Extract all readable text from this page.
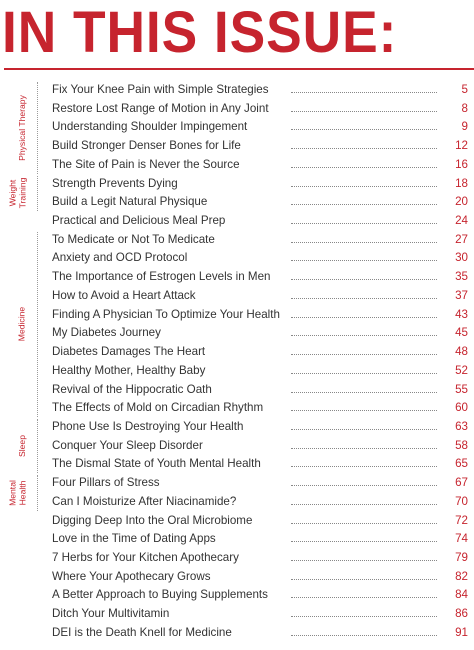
IN THIS ISSUE:
Fix Your Knee Pain with Simple Strategies	5
Restore Lost Range of Motion in Any Joint	8
Understanding Shoulder Impingement	9
Build Stronger Denser Bones for Life	12
The Site of Pain is Never the Source	16
Strength Prevents Dying	18
Build a Legit Natural Physique	20
Practical and Delicious Meal Prep	24
To Medicate or Not To Medicate	27
Anxiety and OCD Protocol	30
The Importance of Estrogen Levels in Men	35
How to Avoid a Heart Attack	37
Finding A Physician To Optimize Your Health	43
My Diabetes Journey	45
Diabetes Damages The Heart	48
Healthy Mother, Healthy Baby	52
Revival of the Hippocratic Oath	55
The Effects of Mold on Circadian Rhythm	60
Phone Use Is Destroying Your Health	63
Conquer Your Sleep Disorder	58
The Dismal State of Youth Mental Health	65
Four Pillars of Stress	67
Can I Moisturize After Niacinamide?	70
Digging Deep Into the Oral Microbiome	72
Love in the Time of Dating Apps	74
7 Herbs for Your Kitchen Apothecary	79
Where Your Apothecary Grows	82
A Better Approach to Buying Supplements	84
Ditch Your Multivitamin	86
DEI is the Death Knell for Medicine	91
Physical Therapy
Weight Training
Medicine
Sleep
Mental Health
